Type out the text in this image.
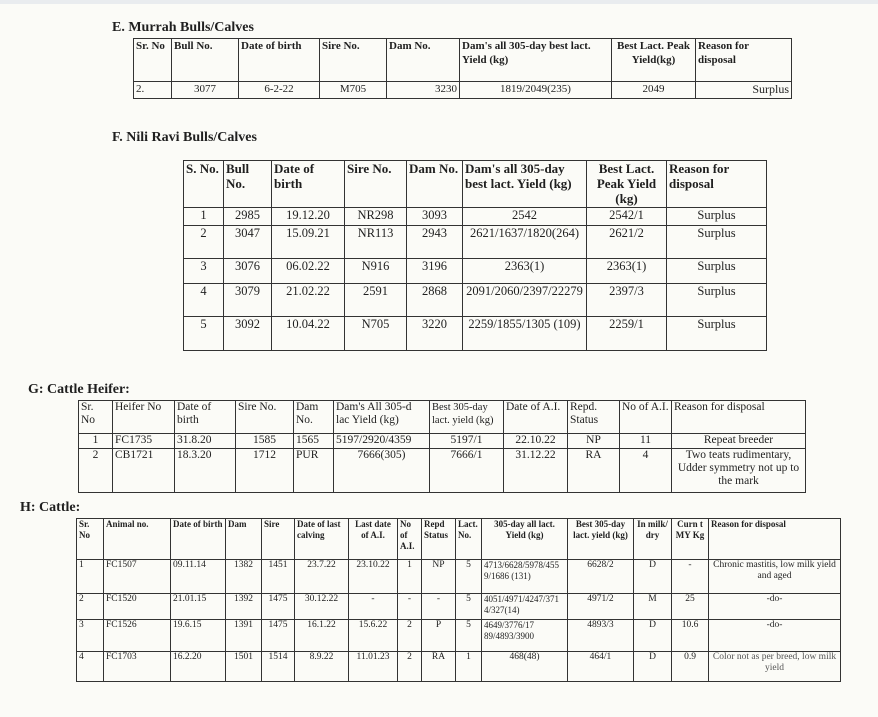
E. Murrah Bulls/Calves
Sr. No	Bull No.	Date of birth	Sire No.	Dam No.	Dam's all 305-day best lact. Yield (kg)	Best Lact. Peak Yield(kg)	Reason for disposal
2.	3077	6-2-22	M705	3230	1819/2049(235)	2049	Surplus
F. Nili Ravi Bulls/Calves
S. No.	Bull No.	Date of birth	Sire No.	Dam No.	Dam's all 305-day best lact. Yield (kg)	Best Lact. Peak Yield (kg)	Reason for disposal
1	2985	19.12.20	NR298	3093	2542	2542/1	Surplus
2	3047	15.09.21	NR113	2943	2621/1637/1820(264)	2621/2	Surplus
3	3076	06.02.22	N916	3196	2363(1)	2363(1)	Surplus
4	3079	21.02.22	2591	2868	2091/2060/2397/22279	2397/3	Surplus
5	3092	10.04.22	N705	3220	2259/1855/1305 (109)	2259/1	Surplus
G: Cattle Heifer:
Sr. No	Heifer No	Date of birth	Sire No.	Dam No.	Dam's All 305-d lac Yield (kg)	Best 305-day lact. yield (kg)	Date of A.I.	Repd. Status	No of A.I.	Reason for disposal
1	FC1735	31.8.20	1585	1565	5197/2920/4359	5197/1	22.10.22	NP	11	Repeat breeder
2	CB1721	18.3.20	1712	PUR	7666(305)	7666/1	31.12.22	RA	4	Two teats rudimentary, Udder symmetry not up to the mark
H: Cattle:
Sr. No	Animal no.	Date of birth	Dam	Sire	Date of last calving	Last date of A.I.	No of A.I.	Repd Status	Lact. No.	305-day all lact. Yield (kg)	Best 305-day lact. yield (kg)	In milk/ dry	Curn t MY Kg	Reason for disposal
1	FC1507	09.11.14	1382	1451	23.7.22	23.10.22	1	NP	5	4713/6628/5978/4559/1686 (131)	6628/2	D	-	Chronic mastitis, low milk yield and aged
2	FC1520	21.01.15	1392	1475	30.12.22	-	-	-	5	4051/4971/4247/3714/327(14)	4971/2	M	25	-do-
3	FC1526	19.6.15	1391	1475	16.1.22	15.6.22	2	P	5	4649/3776/17 89/4893/3900	4893/3	D	10.6	-do-
4	FC1703	16.2.20	1501	1514	8.9.22	11.01.23	2	RA	1	468(48)	464/1	D	0.9	Color not as per breed, low milk yield
